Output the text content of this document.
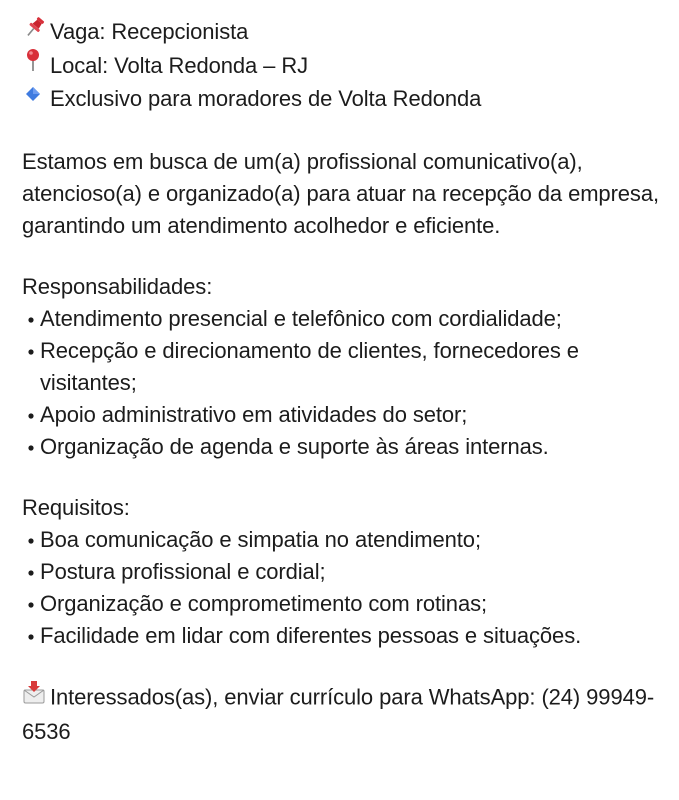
Vaga: Recepcionista
Local: Volta Redonda – RJ
Exclusivo para moradores de Volta Redonda
Estamos em busca de um(a) profissional comunicativo(a), atencioso(a) e organizado(a) para atuar na recepção da empresa, garantindo um atendimento acolhedor e eficiente.
Responsabilidades:
Atendimento presencial e telefônico com cordialidade;
Recepção e direcionamento de clientes, fornecedores e visitantes;
Apoio administrativo em atividades do setor;
Organização de agenda e suporte às áreas internas.
Requisitos:
Boa comunicação e simpatia no atendimento;
Postura profissional e cordial;
Organização e comprometimento com rotinas;
Facilidade em lidar com diferentes pessoas e situações.
Interessados(as), enviar currículo para WhatsApp: (24) 99949-6536
